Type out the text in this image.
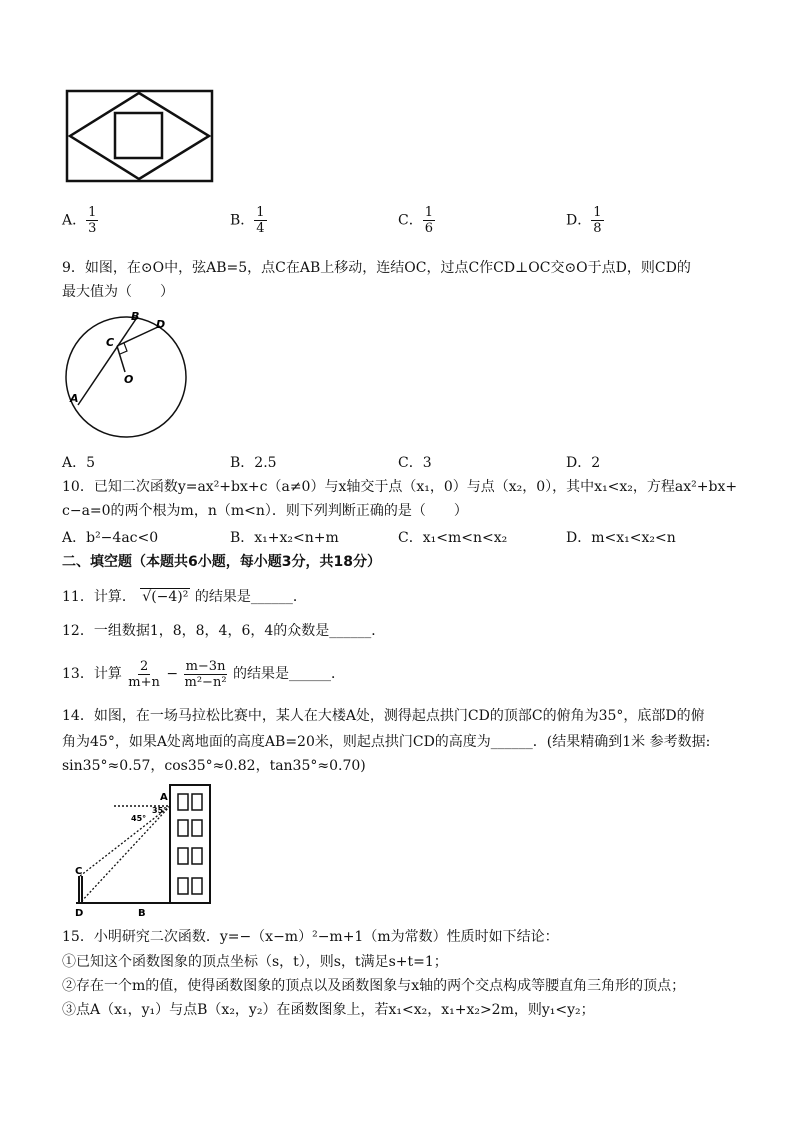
A． $\frac{1}{3}$	B． $\frac{1}{4}$	C． $\frac{1}{6}$	D． $\frac{1}{8}$
9．如图，在⊙O中，弦AB=5，点C在AB上移动，连结OC，过点C作CD⊥OC交⊙O于点D，则CD的
最大值为（　　）
A
B
C
D
O
A．5	B．2.5	C．3	D．2
10．已知二次函数y=ax²+bx+c（a≠0）与x轴交于点（x₁，0）与点（x₂，0），其中x₁<x₂，方程ax²+bx+
c−a=0的两个根为m，n（m<n）．则下列判断正确的是（　　）
A．b²−4ac<0	B．x₁+x₂<n+m	C．x₁<m<n<x₂	D．m<x₁<x₂<n
二、填空题（本题共6小题，每小题3分，共18分）
11．计算． √(−4)² 的结果是______．
12．一组数据1，8，8，4，6，4的众数是______．
13．计算 $\frac{2}{m+n} - \frac{m-3n}{\text{m²−n²}}$ 的结果是______．
14．如图，在一场马拉松比赛中，某人在大楼A处，测得起点拱门CD的顶部C的俯角为35°，底部D的俯
角为45°，如果A处离地面的高度AB=20米，则起点拱门CD的高度为______．(结果精确到1米 参考数据:
sin35°≈0.57，cos35°≈0.82，tan35°≈0.70)
A
B
C
D
45°
35°
15．小明研究二次函数．y=−（x−m）²−m+1（m为常数）性质时如下结论：
①已知这个函数图象的顶点坐标（s，t），则s，t满足s+t=1；
②存在一个m的值，使得函数图象的顶点以及函数图象与x轴的两个交点构成等腰直角三角形的顶点；
③点A（x₁，y₁）与点B（x₂，y₂）在函数图象上，若x₁<x₂，x₁+x₂>2m，则y₁<y₂；
